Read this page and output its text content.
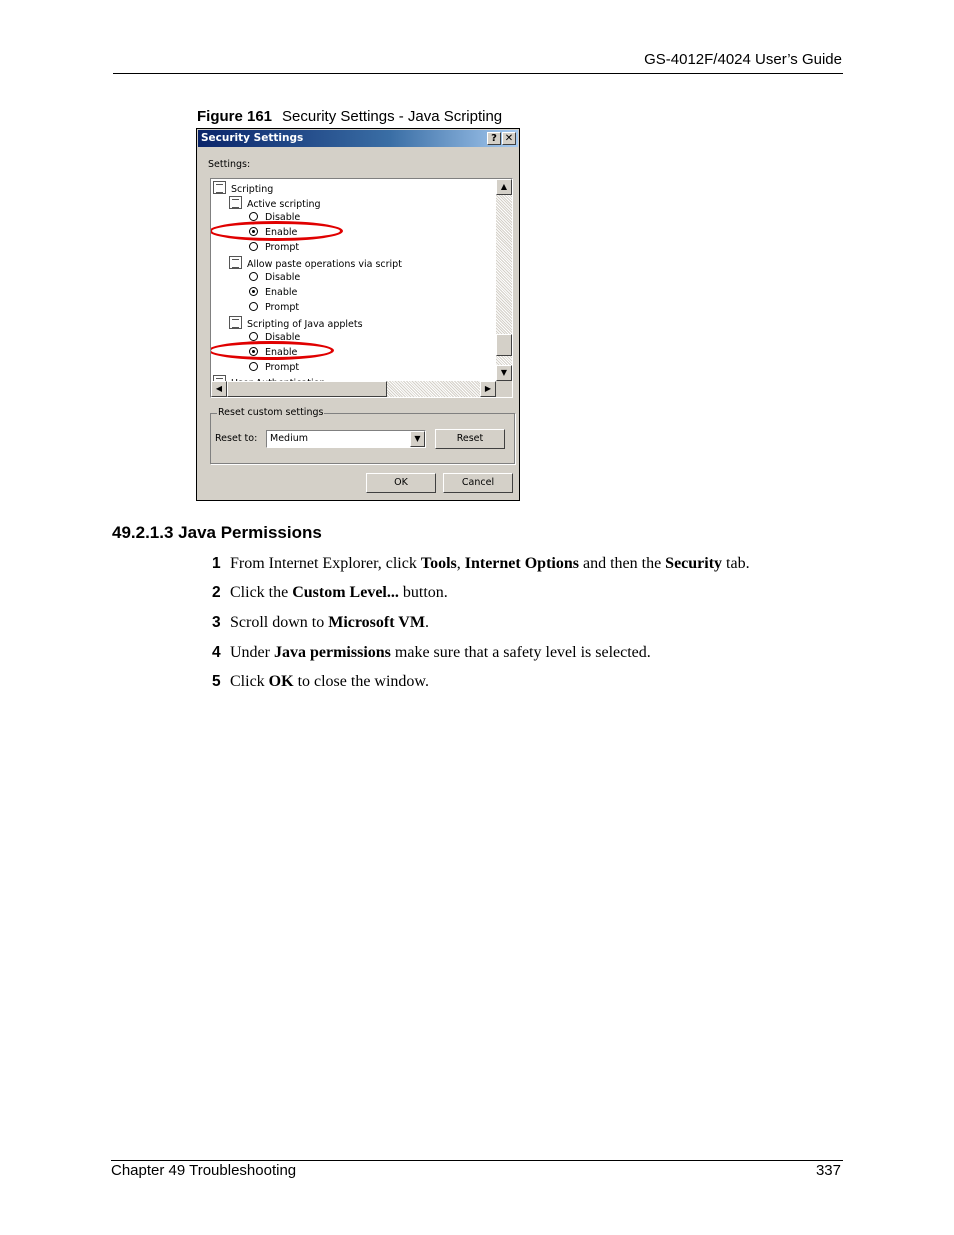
GS-4012F/4024 User’s Guide
Figure 161 Security Settings - Java Scripting
Security Settings	? ✕
Settings:
Scripting
Active scripting
Disable
Enable
Prompt
Allow paste operations via script
Disable
Enable
Prompt
Scripting of Java applets
Disable
Enable
Prompt
▲
▼
◀	▶
Reset custom settings
Reset to: Medium	▼	Reset
OK	Cancel
49.2.1.3 Java Permissions
1 From Internet Explorer, click Tools, Internet Options and then the Security tab.
2 Click the Custom Level... button.
3 Scroll down to Microsoft VM.
4 Under Java permissions make sure that a safety level is selected.
5 Click OK to close the window.
Chapter 49 Troubleshooting	337
